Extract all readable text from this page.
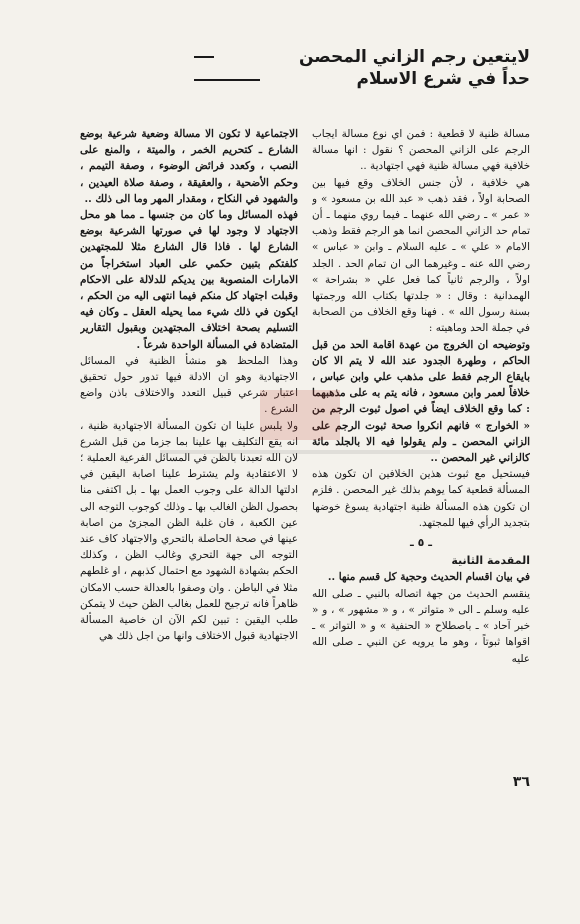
لايتعين رجم الزاني المحصن
حداً في شرع الاسلام

الاجتماعية لا تكون الا مسالة وضعية شرعية بوضع الشارع ـ كتحريم الخمر ، والميتة ، والمنع على النصب ، وكعدد فرائض الوضوء ، وصفة التيمم ، وحكم الأضحية ، والعقيقة ، وصفة صلاة العيدين ، والشهود في النكاح ، ومقدار المهر وما الى ذلك ..

فهذه المسائل وما كان من جنسها ـ مما هو محل الاجتهاد لا وجود لها في صورتها الشرعية بوضع الشارع لها . فاذا قال الشارع مثلا للمجتهدين كلفتكم بتبين حكمي على العباد استخراجاً من الامارات المنصوبة بين يديكم للدلالة على الاحكام وقبلت اجتهاد كل منكم فيما انتهى اليه من الحكم ، ايكون في ذلك شيء مما يحيله العقل ـ وكان فيه التسليم بصحة اختلاف المجتهدين وبقبول التقارير المتضادة في المسألة الواحدة شرعاً .

وهذا الملحظ هو منشأ الظنية في المسائل الاجتهادية وهو ان الادلة فيها تدور حول تحقيق اعتبار شرعي قبيل التعدد والاختلاف باذن واضع الشرع .

ولا يلبس علينا ان تكون المسألة الاجتهادية ظنية ، انه يقع التكليف بها علينا بما جزما من قبل الشرع لان الله تعبدنا بالظن في المسائل الفرعية العملية ؛ لا الاعتقادية ولم يشترط علينا اصابة اليقين في ادلتها الدالة على وجوب العمل بها ـ بل اكتفى منا بحصول الظن الغالب بها ـ وذلك كوجوب التوجه الى عين الكعبة ، فان غلبة الظن المجزئ من اصابة عينها في صحة الحاصلة بالتحري والاجتهاد كاف عند التوجه الى جهة التحري وغالب الظن ، وكذلك الحكم بشهادة الشهود مع احتمال كذبهم ، او غلطهم مثلا في الباطن . وان وصفوا بالعدالة حسب الامكان ظاهراً فانه ترجيح للعمل بغالب الظن حيث لا يتمكن طلب اليقين : تبين لكم الآن ان خاصية المسألة الاجتهادية قبول الاختلاف وانها من اجل ذلك هي

مسالة ظنية لا قطعية : فمن اي نوع مسالة ايجاب الرجم على الزاني المحصن ؟ نقول : انها مسالة خلافية فهي مسالة ظنية فهي اجتهادية ..

هي خلافية ، لأن جنس الخلاف وقع فيها بين الصحابة اولاً ، فقد ذهب « عبد الله بن مسعود » و « عمر » ـ رضي الله عنهما ـ فيما روي منهما ـ أن تمام حد الزاني المحصن انما هو الرجم فقط وذهب الامام « علي » ـ عليه السلام ـ وابن « عباس » رضي الله عنه ـ وغيرهما الى ان تمام الحد . الجلد اولاً ، والرجم ثانياً كما فعل علي « بشراحة » الهمدانية : وقال : « جلدتها بكتاب الله ورجمتها بسنة رسول الله » . فهنا وقع الخلاف من الصحابة في جملة الحد وماهيته :

وتوضيحه ان الخروج من عهدة اقامة الحد من قبل الحاكم ، وطهرة الجدود عند الله لا يتم الا كان بايقاع الرجم فقط على مذهب علي وابن عباس ، خلافاً لعمر وابن مسعود ، فانه يتم به على مذهبهما : كما وقع الخلاف ايضاً في اصول ثبوت الرجم من « الخوارج » فانهم انكروا صحة ثبوت الرجم على الزاني المحصن ـ ولم يقولوا فيه الا بالجلد مائة كالزاني غير المحصن ..

فيستحيل مع ثبوت هذين الخلافين ان تكون هذه المسألة قطعية كما يوهم بذلك غير المحصن . فلزم ان تكون هذه المسألة ظنية اجتهادية يسوغ خوضها بتجديد الرأي فيها للمجتهد.

ـ ٥ ـ

المقدمة الثانية

في بيان اقسام الحديث وحجية كل قسم منها ..

ينقسم الحديث من جهة اتصاله بالنبي ـ صلى الله عليه وسلم ـ الى « متواتر » ، و « مشهور » ، و « خبر آحاد » ـ باصطلاح « الحنفية » و « التواتر » ـ اقواها ثبوتاً ، وهو ما يرويه عن النبي ـ صلى الله عليه

٣٦
